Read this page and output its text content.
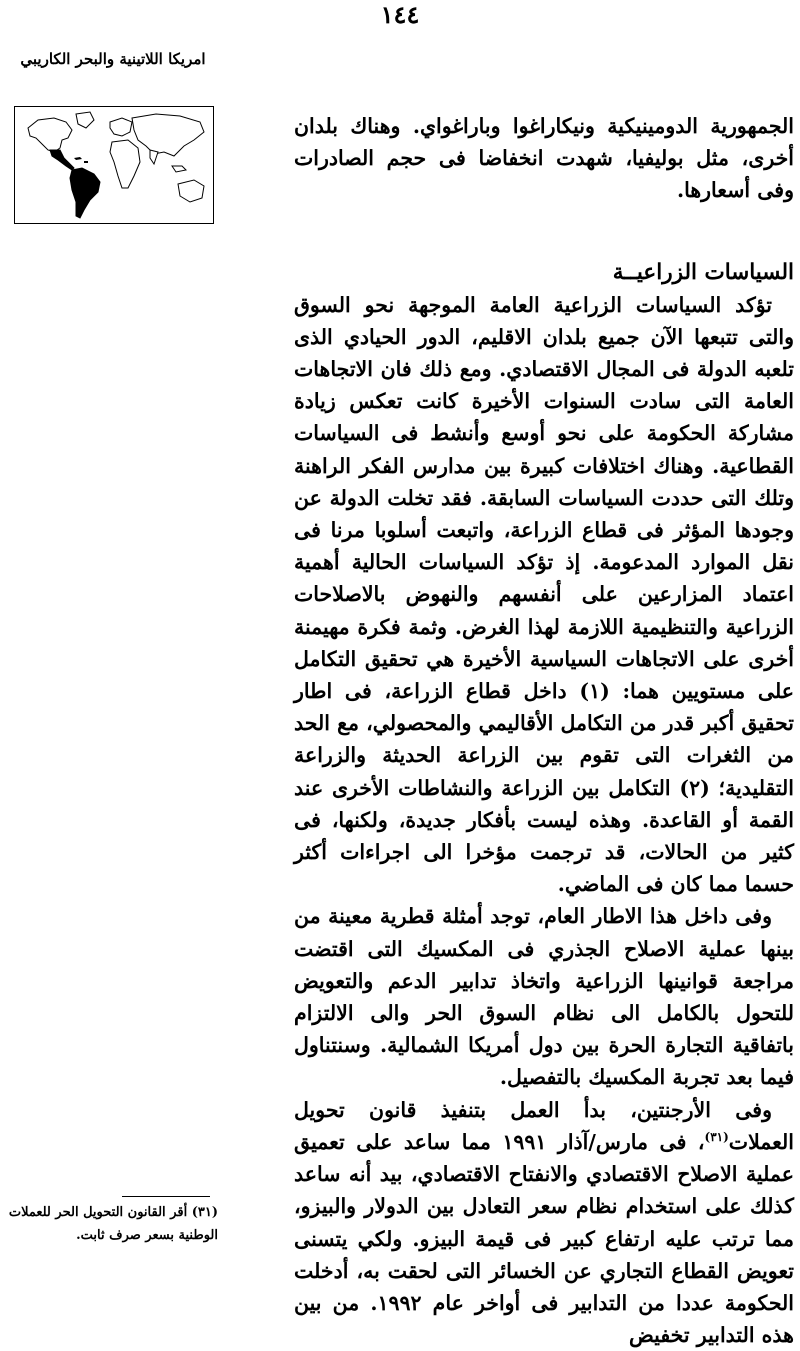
١٤٤
امريكا اللاتينية والبحر الكاريبي

الجمهورية الدومينيكية ونيكاراغوا وباراغواي. وهناك بلدان أخرى، مثل بوليفيا، شهدت انخفاضا فى حجم الصادرات وفى أسعارها.

السياسات الزراعيــة

تؤكد السياسات الزراعية العامة الموجهة نحو السوق والتى تتبعها الآن جميع بلدان الاقليم، الدور الحيادي الذى تلعبه الدولة فى المجال الاقتصادي. ومع ذلك فان الاتجاهات العامة التى سادت السنوات الأخيرة كانت تعكس زيادة مشاركة الحكومة على نحو أوسع وأنشط فى السياسات القطاعية. وهناك اختلافات كبيرة بين مدارس الفكر الراهنة وتلك التى حددت السياسات السابقة. فقد تخلت الدولة عن وجودها المؤثر فى قطاع الزراعة، واتبعت أسلوبا مرنا فى نقل الموارد المدعومة. إذ تؤكد السياسات الحالية أهمية اعتماد المزارعين على أنفسهم والنهوض بالاصلاحات الزراعية والتنظيمية اللازمة لهذا الغرض. وثمة فكرة مهيمنة أخرى على الاتجاهات السياسية الأخيرة هي تحقيق التكامل على مستويين هما: (١) داخل قطاع الزراعة، فى اطار تحقيق أكبر قدر من التكامل الأقاليمي والمحصولي، مع الحد من الثغرات التى تقوم بين الزراعة الحديثة والزراعة التقليدية؛ (٢) التكامل بين الزراعة والنشاطات الأخرى عند القمة أو القاعدة. وهذه ليست بأفكار جديدة، ولكنها، فى كثير من الحالات، قد ترجمت مؤخرا الى اجراءات أكثر حسما مما كان فى الماضي.

وفى داخل هذا الاطار العام، توجد أمثلة قطرية معينة من بينها عملية الاصلاح الجذري فى المكسيك التى اقتضت مراجعة قوانينها الزراعية واتخاذ تدابير الدعم والتعويض للتحول بالكامل الى نظام السوق الحر والى الالتزام باتفاقية التجارة الحرة بين دول أمريكا الشمالية. وسنتناول فيما بعد تجربة المكسيك بالتفصيل.

وفى الأرجنتين، بدأ العمل بتنفيذ قانون تحويل العملات$^{(٣١)}$، فى مارس/آذار ١٩٩١ مما ساعد على تعميق عملية الاصلاح الاقتصادي والانفتاح الاقتصادي، بيد أنه ساعد كذلك على استخدام نظام سعر التعادل بين الدولار والبيزو، مما ترتب عليه ارتفاع كبير فى قيمة البيزو. ولكي يتسنى تعويض القطاع التجاري عن الخسائر التى لحقت به، أدخلت الحكومة عددا من التدابير فى أواخر عام ١٩٩٢. من بين هذه التدابير تخفيض

(٣١) أقر القانون التحويل الحر للعملات الوطنية بسعر صرف ثابت.
